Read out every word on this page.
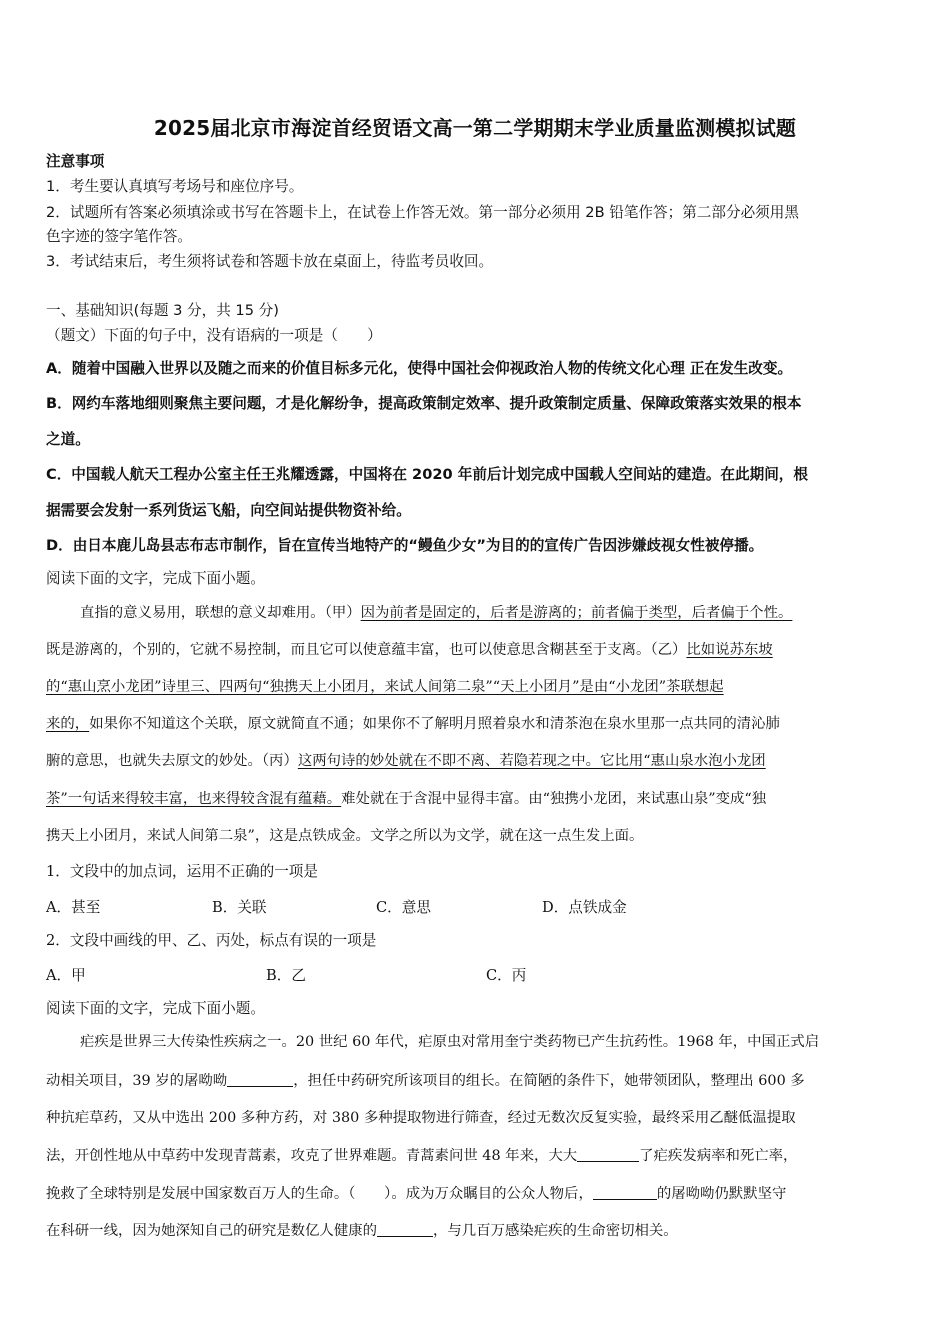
2025届北京市海淀首经贸语文高一第二学期期末学业质量监测模拟试题
注意事项
1．考生要认真填写考场号和座位序号。
2．试题所有答案必须填涂或书写在答题卡上，在试卷上作答无效。第一部分必须用 2B 铅笔作答；第二部分必须用黑
色字迹的签字笔作答。
3．考试结束后，考生须将试卷和答题卡放在桌面上，待监考员收回。
一、基础知识(每题 3 分，共 15 分)
（题文）下面的句子中，没有语病的一项是（　　）
A．随着中国融入世界以及随之而来的价值目标多元化，使得中国社会仰视政治人物的传统文化心理 正在发生改变。
B．网约车落地细则聚焦主要问题，才是化解纷争，提高政策制定效率、提升政策制定质量、保障政策落实效果的根本
之道。
C．中国载人航天工程办公室主任王兆耀透露，中国将在 2020 年前后计划完成中国载人空间站的建造。在此期间，根
据需要会发射一系列货运飞船，向空间站提供物资补给。
D．由日本鹿儿岛县志布志市制作，旨在宣传当地特产的“鳗鱼少女”为目的的宣传广告因涉嫌歧视女性被停播。
阅读下面的文字，完成下面小题。
直指的意义易用，联想的意义却难用。（甲）因为前者是固定的，后者是游离的；前者偏于类型，后者偏于个性。
既是游离的，个别的，它就不易控制，而且它可以使意蕴丰富，也可以使意思含糊甚至于支离。（乙）比如说苏东坡
的“惠山烹小龙团”诗里三、四两句“独携天上小团月，来试人间第二泉”“天上小团月”是由“小龙团”茶联想起
来的，如果你不知道这个关联，原文就简直不通；如果你不了解明月照着泉水和清茶泡在泉水里那一点共同的清沁肺
腑的意思，也就失去原文的妙处。（丙）这两句诗的妙处就在不即不离、若隐若现之中。它比用“惠山泉水泡小龙团
茶”一句话来得较丰富，也来得较含混有蕴藉。难处就在于含混中显得丰富。由“独携小龙团，来试惠山泉”变成“独
携天上小团月，来试人间第二泉”，这是点铁成金。文学之所以为文学，就在这一点生发上面。
1．文段中的加点词，运用不正确的一项是
A．甚至	B．关联	C．意思	D．点铁成金
2．文段中画线的甲、乙、丙处，标点有误的一项是
A．甲	B．乙	C．丙
阅读下面的文字，完成下面小题。
疟疾是世界三大传染性疾病之一。20 世纪 60 年代，疟原虫对常用奎宁类药物已产生抗药性。1968 年，中国正式启
动相关项目，39 岁的屠呦呦	，担任中药研究所该项目的组长。在简陋的条件下，她带领团队，整理出 600 多
种抗疟草药，又从中选出 200 多种方药，对 380 多种提取物进行筛查，经过无数次反复实验，最终采用乙醚低温提取
法，开创性地从中草药中发现青蒿素，攻克了世界难题。青蒿素问世 48 年来，大大	了疟疾发病率和死亡率，
挽救了全球特别是发展中国家数百万人的生命。（　　）。成为万众瞩目的公众人物后，	的屠呦呦仍默默坚守
在科研一线，因为她深知自己的研究是数亿人健康的	，与几百万感染疟疾的生命密切相关。
